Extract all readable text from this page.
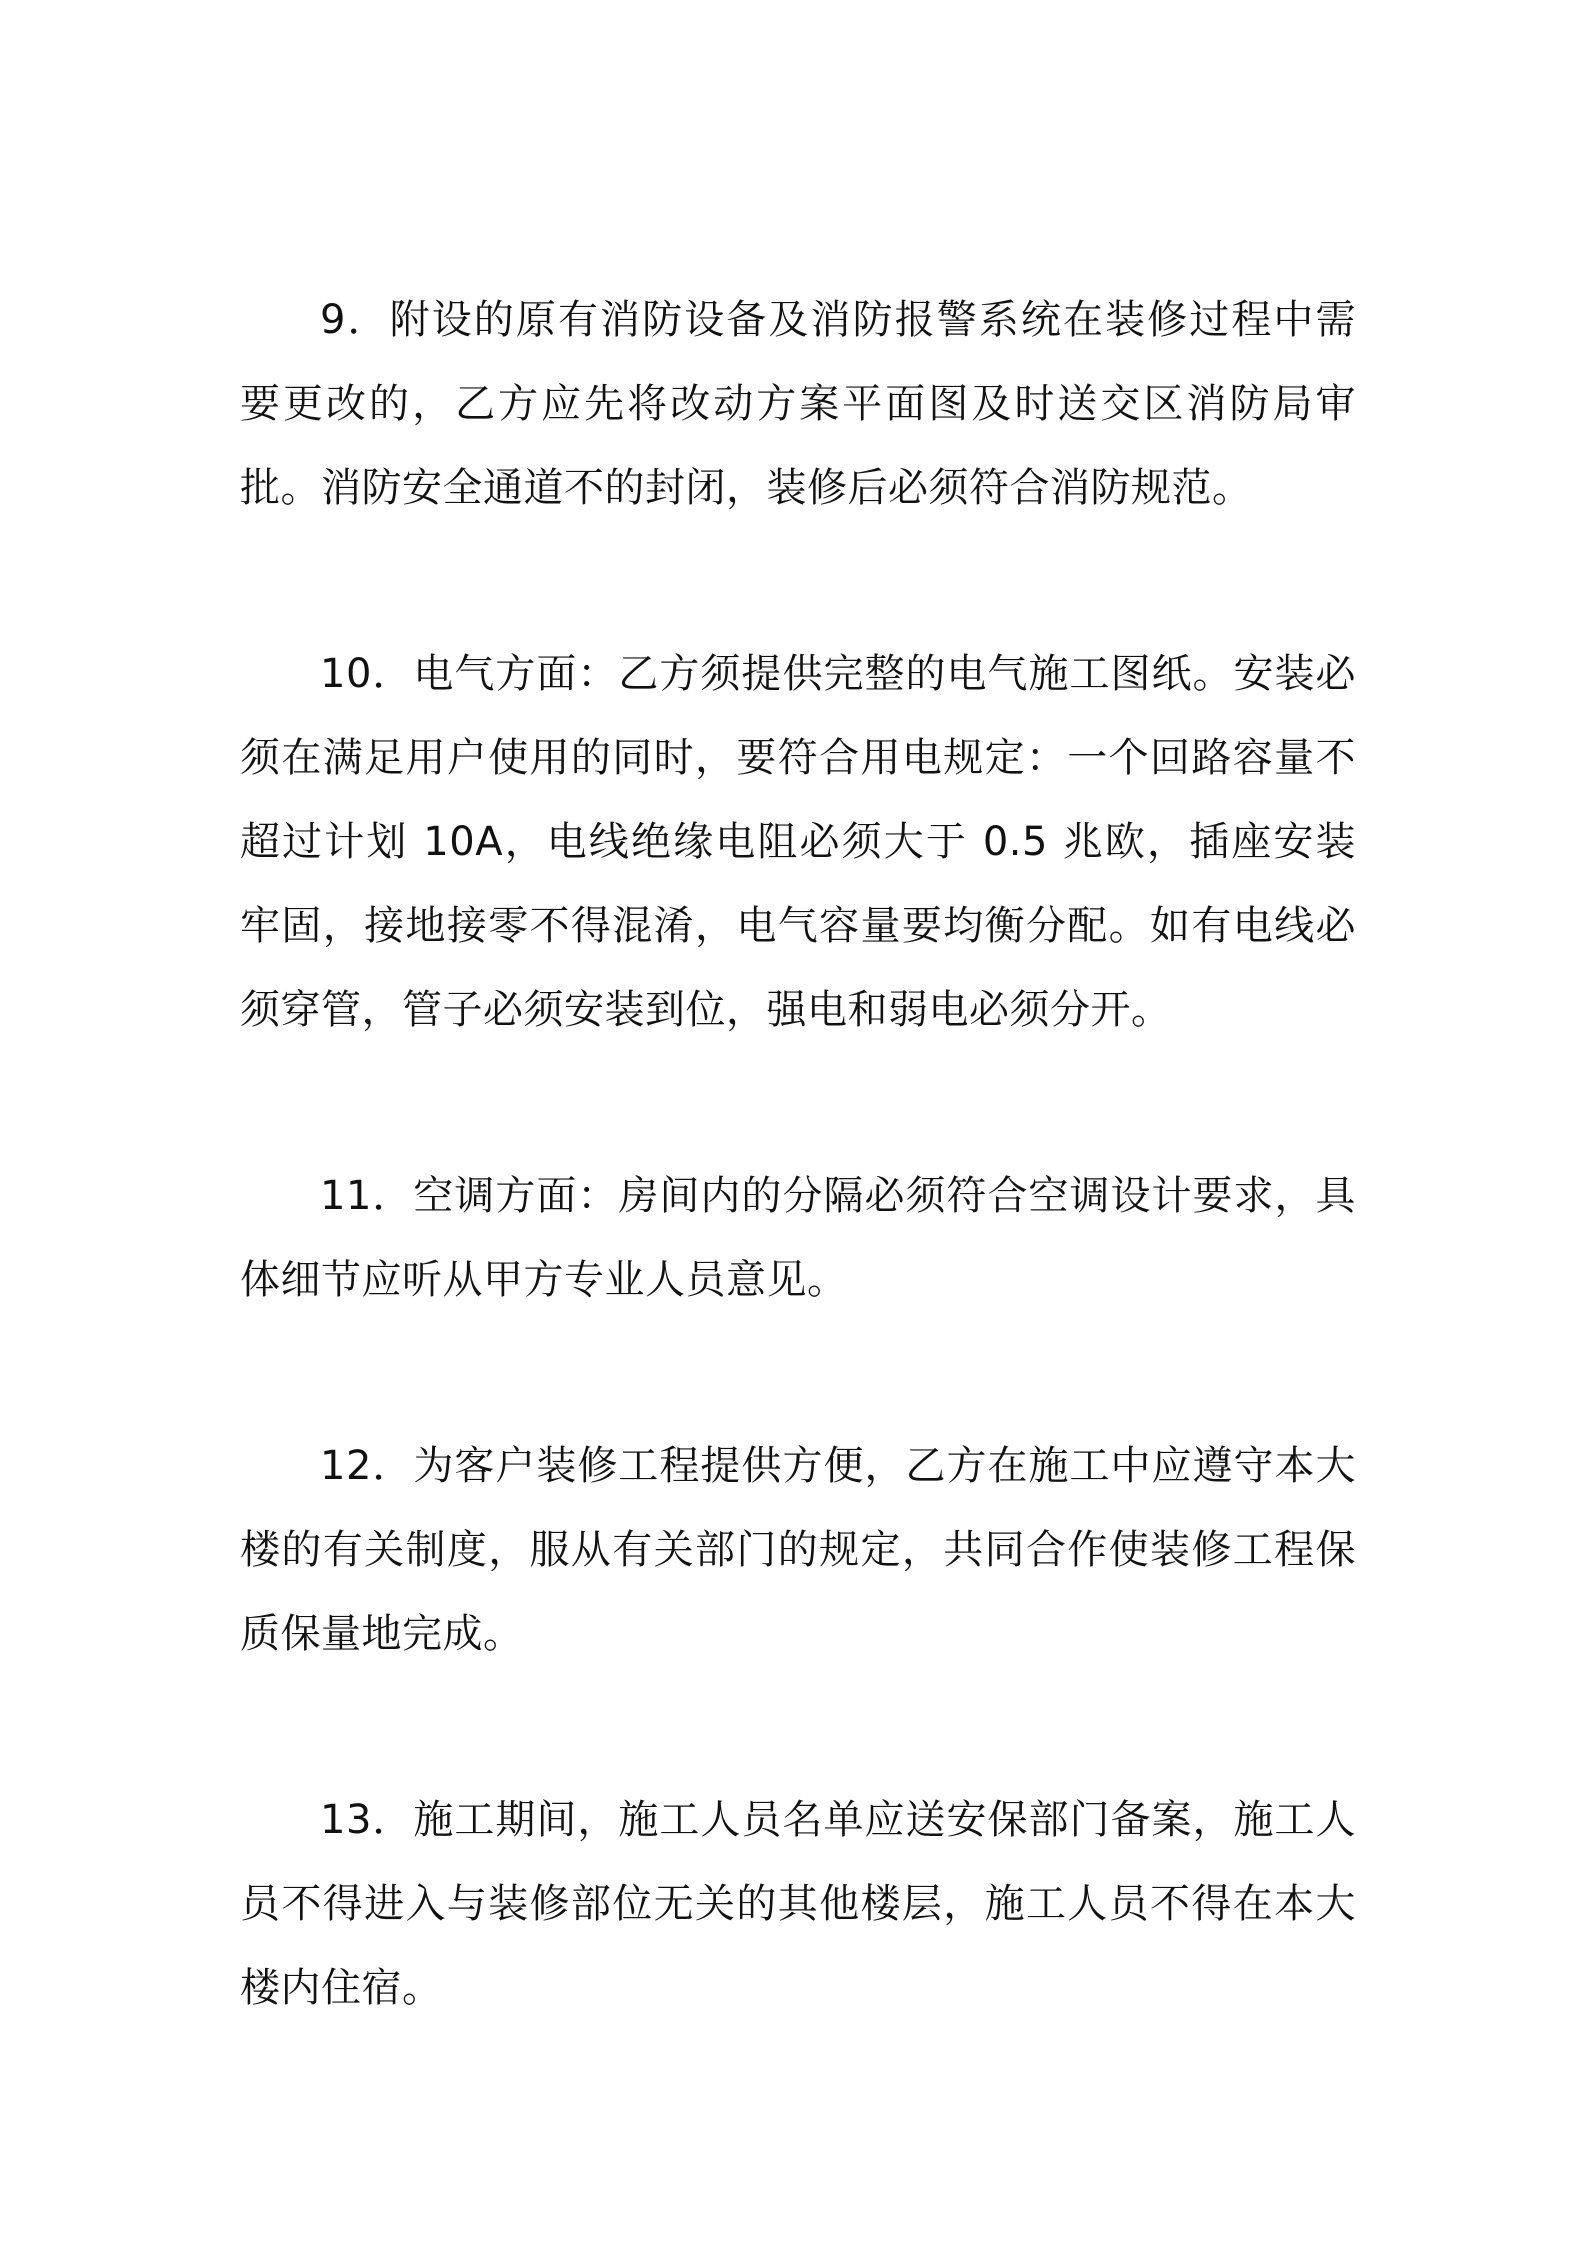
9．附设的原有消防设备及消防报警系统在装修过程中需要更改的，乙方应先将改动方案平面图及时送交区消防局审批。消防安全通道不的封闭，装修后必须符合消防规范。

10．电气方面：乙方须提供完整的电气施工图纸。安装必须在满足用户使用的同时，要符合用电规定：一个回路容量不超过计划 10A，电线绝缘电阻必须大于 0.5 兆欧，插座安装牢固，接地接零不得混淆，电气容量要均衡分配。如有电线必须穿管，管子必须安装到位，强电和弱电必须分开。

11．空调方面：房间内的分隔必须符合空调设计要求，具体细节应听从甲方专业人员意见。

12．为客户装修工程提供方便，乙方在施工中应遵守本大楼的有关制度，服从有关部门的规定，共同合作使装修工程保质保量地完成。

13．施工期间，施工人员名单应送安保部门备案，施工人员不得进入与装修部位无关的其他楼层，施工人员不得在本大楼内住宿。
